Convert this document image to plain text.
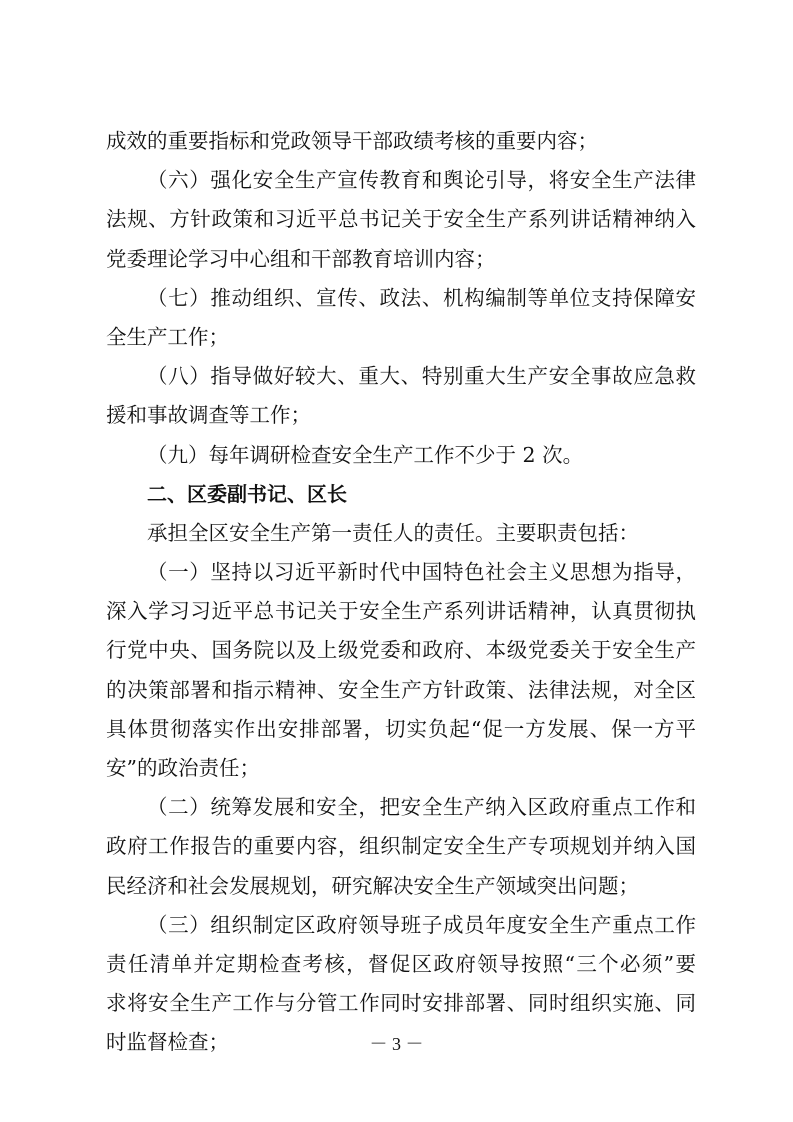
成效的重要指标和党政领导干部政绩考核的重要内容；
（六）强化安全生产宣传教育和舆论引导，将安全生产法律
法规、方针政策和习近平总书记关于安全生产系列讲话精神纳入
党委理论学习中心组和干部教育培训内容；
（七）推动组织、宣传、政法、机构编制等单位支持保障安
全生产工作；
（八）指导做好较大、重大、特别重大生产安全事故应急救
援和事故调查等工作；
（九）每年调研检查安全生产工作不少于 2 次。
二、区委副书记、区长
承担全区安全生产第一责任人的责任。主要职责包括：
（一）坚持以习近平新时代中国特色社会主义思想为指导，
深入学习习近平总书记关于安全生产系列讲话精神，认真贯彻执
行党中央、国务院以及上级党委和政府、本级党委关于安全生产
的决策部署和指示精神、安全生产方针政策、法律法规，对全区
具体贯彻落实作出安排部署，切实负起“促一方发展、保一方平
安”的政治责任；
（二）统筹发展和安全，把安全生产纳入区政府重点工作和
政府工作报告的重要内容，组织制定安全生产专项规划并纳入国
民经济和社会发展规划，研究解决安全生产领域突出问题；
（三）组织制定区政府领导班子成员年度安全生产重点工作
责任清单并定期检查考核，督促区政府领导按照“三个必须”要
求将安全生产工作与分管工作同时安排部署、同时组织实施、同
时监督检查；	－ 3 －
